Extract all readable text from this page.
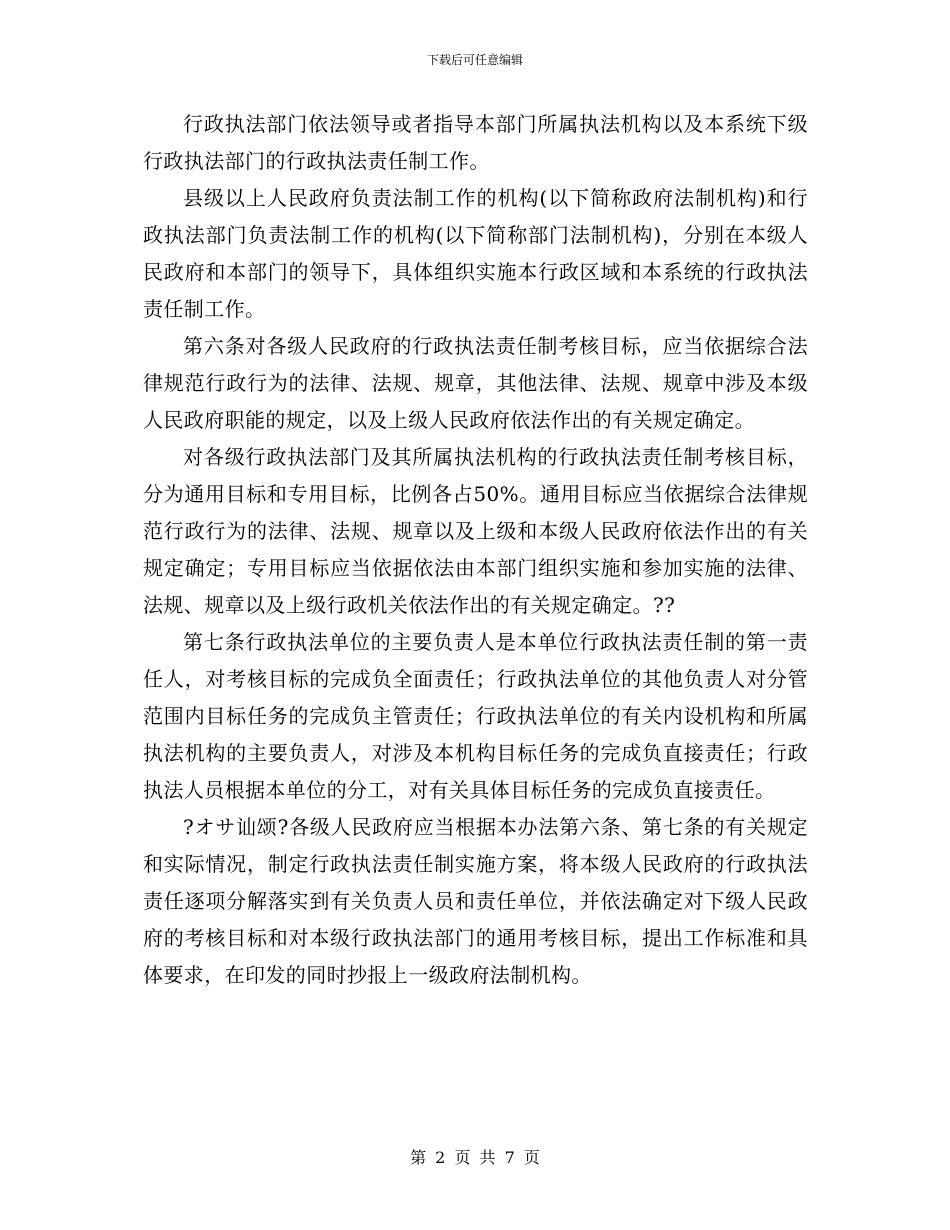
下载后可任意编辑

行政执法部门依法领导或者指导本部门所属执法机构以及本系统下级行政执法部门的行政执法责任制工作。

县级以上人民政府负责法制工作的机构(以下简称政府法制机构)和行政执法部门负责法制工作的机构(以下简称部门法制机构)，分别在本级人民政府和本部门的领导下，具体组织实施本行政区域和本系统的行政执法责任制工作。

第六条对各级人民政府的行政执法责任制考核目标，应当依据综合法律规范行政行为的法律、法规、规章，其他法律、法规、规章中涉及本级人民政府职能的规定，以及上级人民政府依法作出的有关规定确定。

对各级行政执法部门及其所属执法机构的行政执法责任制考核目标，分为通用目标和专用目标，比例各占50%。通用目标应当依据综合法律规范行政行为的法律、法规、规章以及上级和本级人民政府依法作出的有关规定确定；专用目标应当依据依法由本部门组织实施和参加实施的法律、法规、规章以及上级行政机关依法作出的有关规定确定。??

第七条行政执法单位的主要负责人是本单位行政执法责任制的第一责任人，对考核目标的完成负全面责任；行政执法单位的其他负责人对分管范围内目标任务的完成负主管责任；行政执法单位的有关内设机构和所属执法机构的主要负责人，对涉及本机构目标任务的完成负直接责任；行政执法人员根据本单位的分工，对有关具体目标任务的完成负直接责任。

?オサ讪颂?各级人民政府应当根据本办法第六条、第七条的有关规定和实际情况，制定行政执法责任制实施方案，将本级人民政府的行政执法责任逐项分解落实到有关负责人员和责任单位，并依法确定对下级人民政府的考核目标和对本级行政执法部门的通用考核目标，提出工作标准和具体要求，在印发的同时抄报上一级政府法制机构。

第 2 页 共 7 页
